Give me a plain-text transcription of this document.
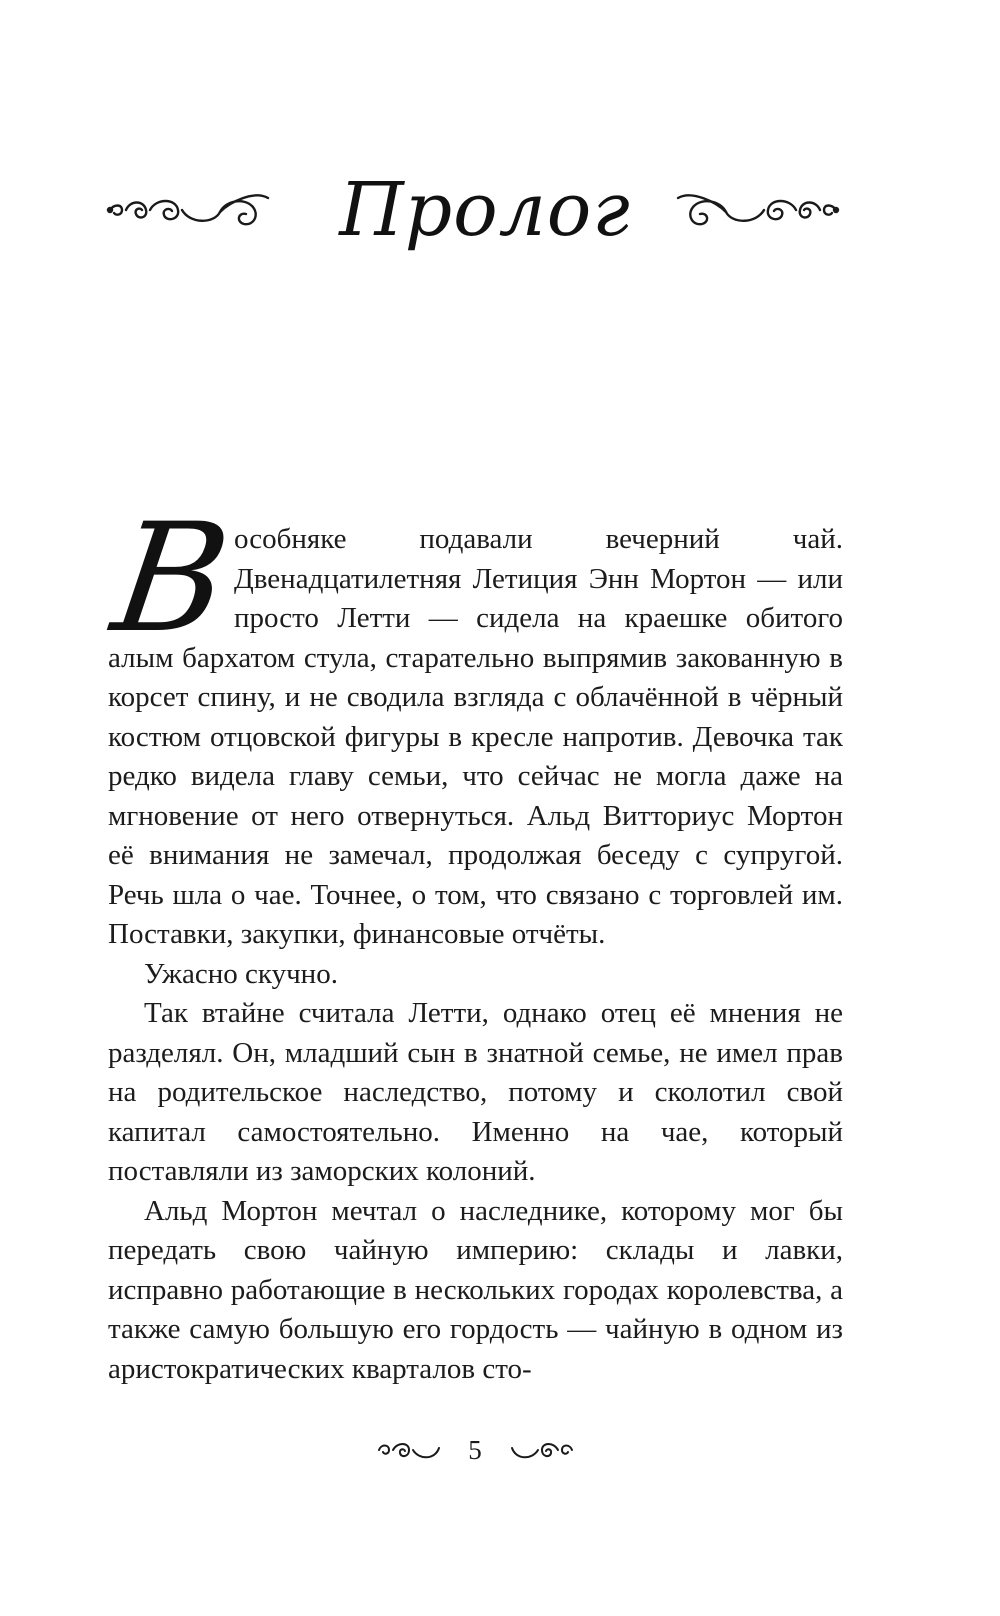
Пролог

В
особняке подавали вечерний чай. Двенадцатилетняя Летиция Энн Мортон — или просто Летти — сидела на краешке обитого алым бархатом стула, старательно выпрямив закованную в корсет спину, и не сводила взгляда с облачённой в чёрный костюм отцовской фигуры в кресле напротив. Девочка так редко видела главу семьи, что сейчас не могла даже на мгновение от него отвернуться. Альд Витториус Мортон её внимания не замечал, продолжая беседу с супругой. Речь шла о чае. Точнее, о том, что связано с торговлей им. Поставки, закупки, финансовые отчёты.

Ужасно скучно.

Так втайне считала Летти, однако отец её мнения не разделял. Он, младший сын в знатной семье, не имел прав на родительское наследство, потому и сколотил свой капитал самостоятельно. Именно на чае, который поставляли из заморских колоний.

Альд Мортон мечтал о наследнике, которому мог бы передать свою чайную империю: склады и лавки, исправно работающие в нескольких городах королевства, а также самую большую его гордость — чайную в одном из аристократических кварталов сто-

5
